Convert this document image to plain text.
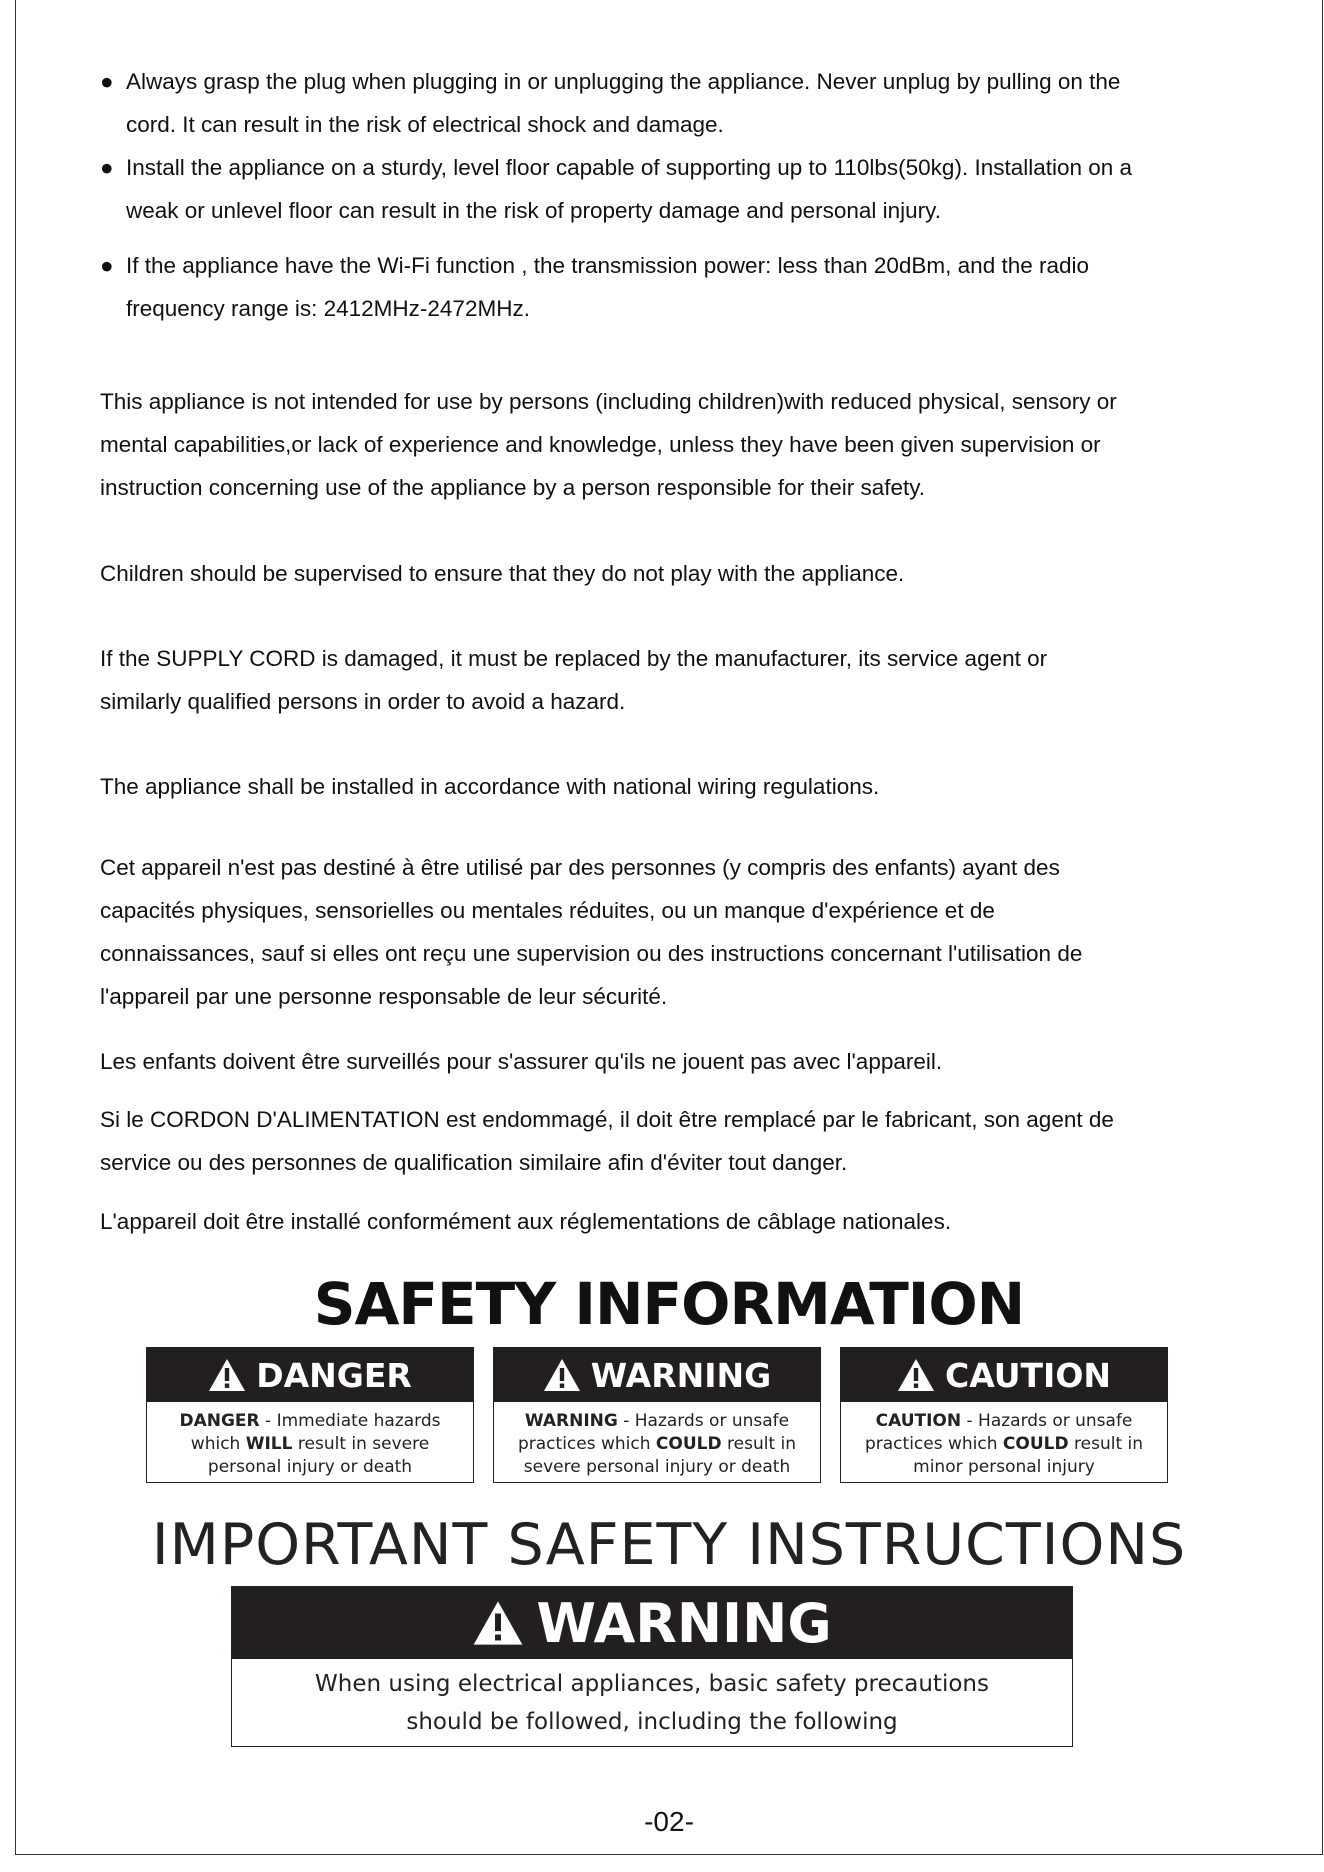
● Always grasp the plug when plugging in or unplugging the appliance. Never unplug by pulling on the

cord. It can result in the risk of electrical shock and damage.

● Install the appliance on a sturdy, level floor capable of supporting up to 110lbs(50kg). Installation on a

weak or unlevel floor can result in the risk of property damage and personal injury.

● If the appliance have the Wi-Fi function , the transmission power: less than 20dBm, and the radio

frequency range is: 2412MHz-2472MHz.

This appliance is not intended for use by persons (including children)with reduced physical, sensory or

mental capabilities,or lack of experience and knowledge, unless they have been given supervision or

instruction concerning use of the appliance by a person responsible for their safety.

Children should be supervised to ensure that they do not play with the appliance.

If the SUPPLY CORD is damaged, it must be replaced by the manufacturer, its service agent or

similarly qualified persons in order to avoid a hazard.

The appliance shall be installed in accordance with national wiring regulations.

Cet appareil n'est pas destiné à être utilisé par des personnes (y compris des enfants) ayant des

capacités physiques, sensorielles ou mentales réduites, ou un manque d'expérience et de

connaissances, sauf si elles ont reçu une supervision ou des instructions concernant l'utilisation de

l'appareil par une personne responsable de leur sécurité.

Les enfants doivent être surveillés pour s'assurer qu'ils ne jouent pas avec l'appareil.

Si le CORDON D'ALIMENTATION est endommagé, il doit être remplacé par le fabricant, son agent de

service ou des personnes de qualification similaire afin d'éviter tout danger.

L'appareil doit être installé conformément aux réglementations de câblage nationales.

SAFETY INFORMATION
DANGER
DANGER - Immediate hazards
which WILL result in severe
personal injury or death
WARNING
WARNING - Hazards or unsafe
practices which COULD result in
severe personal injury or death
CAUTION
CAUTION - Hazards or unsafe
practices which COULD result in
minor personal injury
IMPORTANT SAFETY INSTRUCTIONS
WARNING
When using electrical appliances, basic safety precautions
should be followed, including the following
-02-
